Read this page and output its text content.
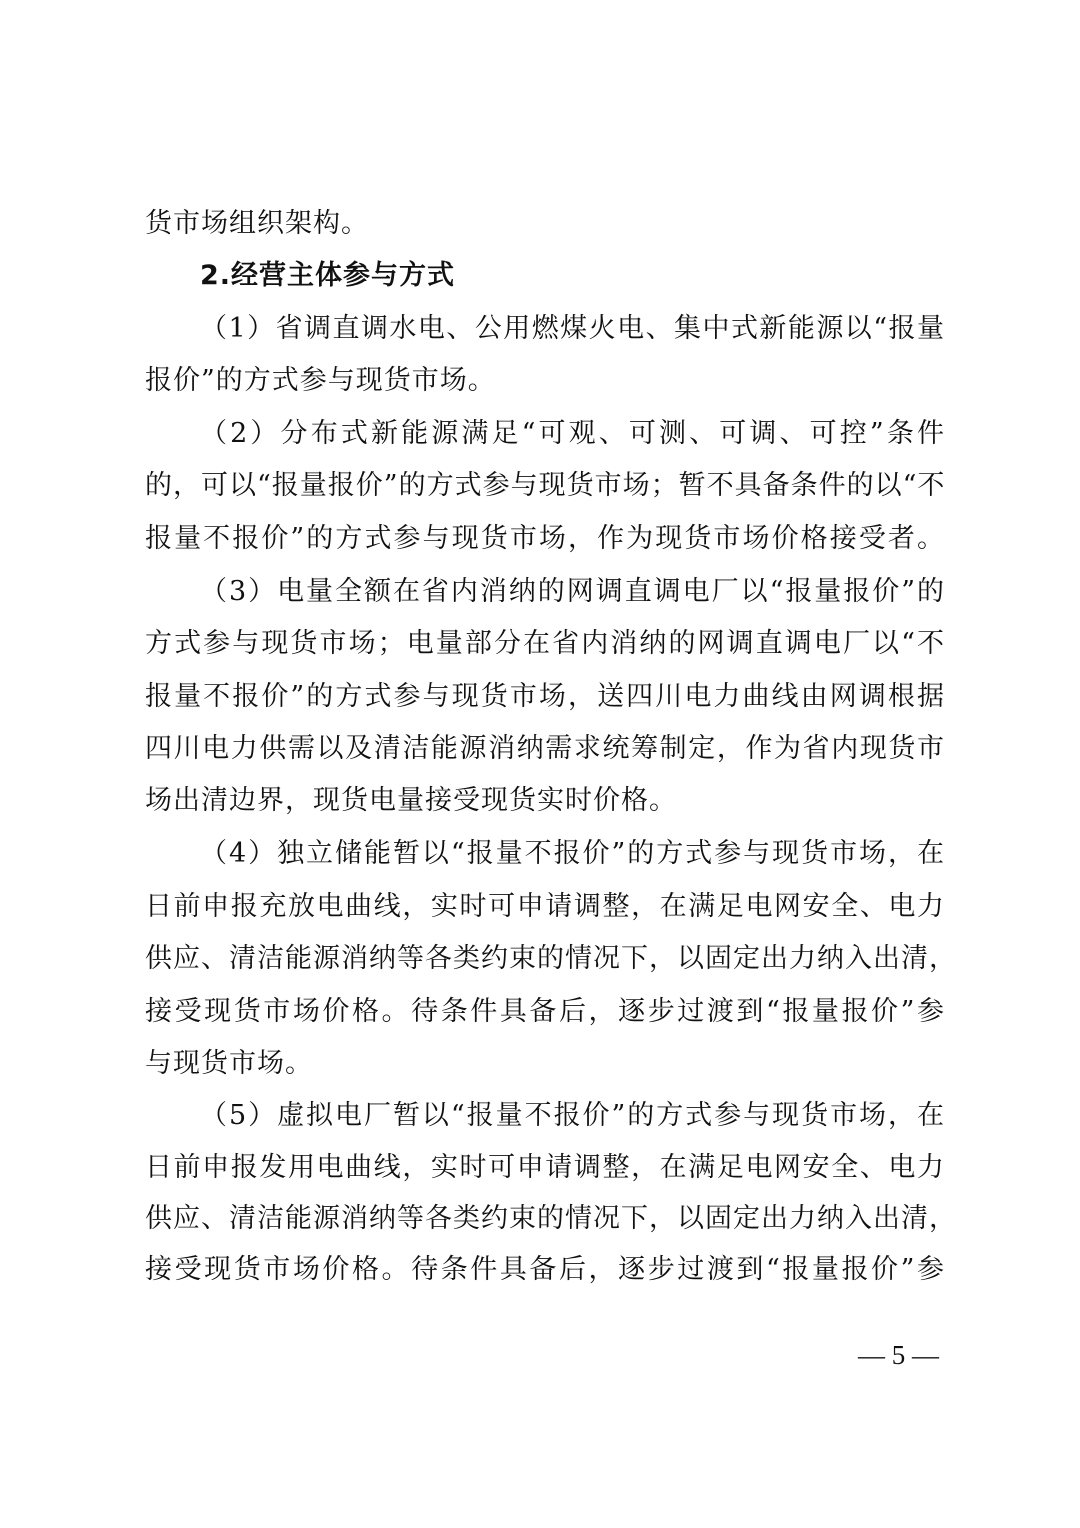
货市场组织架构。
2.经营主体参与方式
（1）省调直调水电、公用燃煤火电、集中式新能源以“报量
报价”的方式参与现货市场。
（2）分布式新能源满足“可观、可测、可调、可控”条件
的，可以“报量报价”的方式参与现货市场；暂不具备条件的以“不
报量不报价”的方式参与现货市场，作为现货市场价格接受者。
（3）电量全额在省内消纳的网调直调电厂以“报量报价”的
方式参与现货市场；电量部分在省内消纳的网调直调电厂以“不
报量不报价”的方式参与现货市场，送四川电力曲线由网调根据
四川电力供需以及清洁能源消纳需求统筹制定，作为省内现货市
场出清边界，现货电量接受现货实时价格。
（4）独立储能暂以“报量不报价”的方式参与现货市场，在
日前申报充放电曲线，实时可申请调整，在满足电网安全、电力
供应、清洁能源消纳等各类约束的情况下，以固定出力纳入出清，
接受现货市场价格。待条件具备后，逐步过渡到“报量报价”参
与现货市场。
（5）虚拟电厂暂以“报量不报价”的方式参与现货市场，在
日前申报发用电曲线，实时可申请调整，在满足电网安全、电力
供应、清洁能源消纳等各类约束的情况下，以固定出力纳入出清，
接受现货市场价格。待条件具备后，逐步过渡到“报量报价”参
— 5 —
